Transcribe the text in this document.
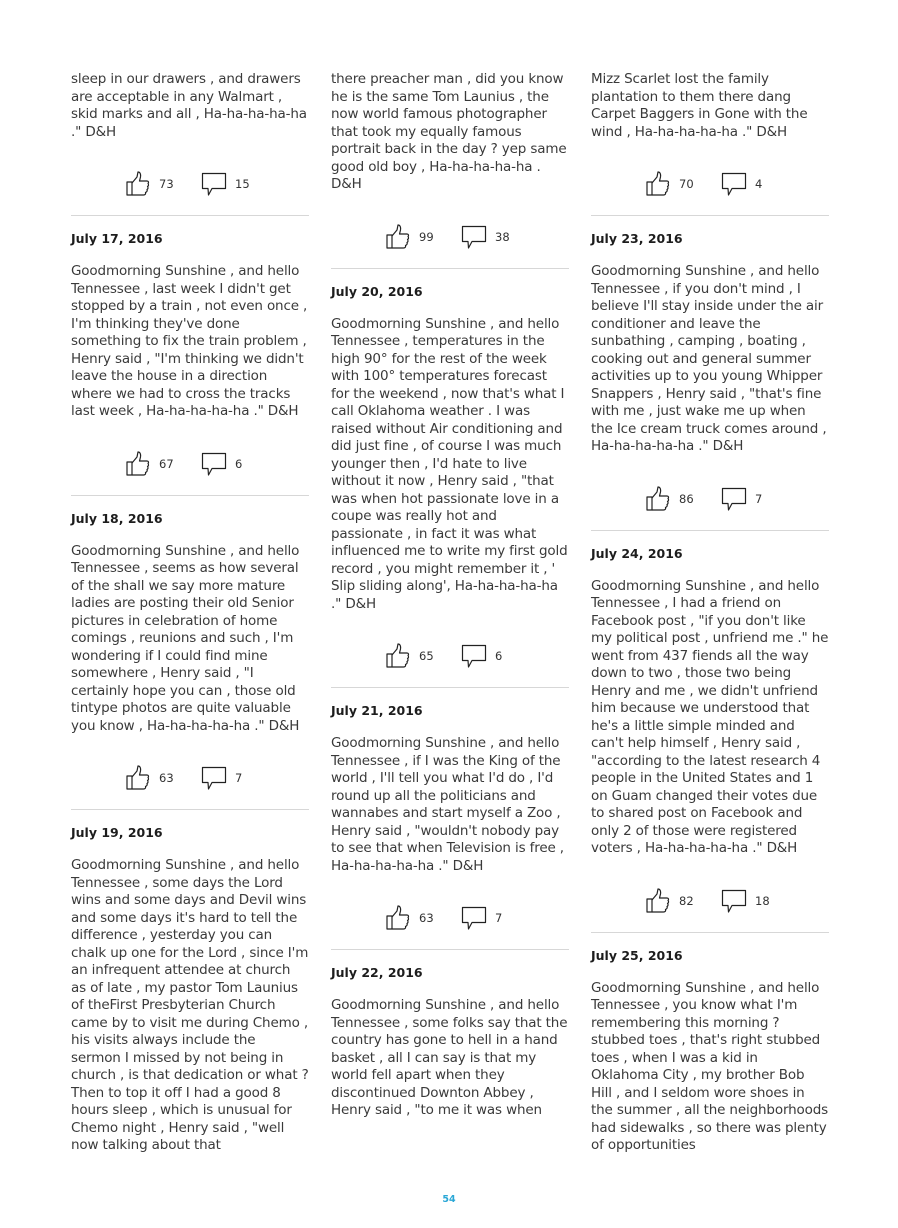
sleep in our drawers , and drawers are acceptable in any Walmart , skid marks and all , Ha-ha-ha-ha-ha ." D&H

73	15
July 17, 2016

Goodmorning Sunshine , and hello Tennessee , last week I didn't get stopped by a train , not even once , I'm thinking they've done something to fix the train problem , Henry said , "I'm thinking we didn't leave the house in a direction where we had to cross the tracks last week , Ha-ha-ha-ha-ha ." D&H

67	6
July 18, 2016

Goodmorning Sunshine , and hello Tennessee , seems as how several of the shall we say more mature ladies are posting their old Senior pictures in celebration of home comings , reunions and such , I'm wondering if I could find mine somewhere , Henry said , "I certainly hope you can , those old tintype photos are quite valuable you know , Ha-ha-ha-ha-ha ." D&H

63	7
July 19, 2016

Goodmorning Sunshine , and hello Tennessee , some days the Lord wins and some days and Devil wins and some days it's hard to tell the difference , yesterday you can chalk up one for the Lord , since I'm an infrequent attendee at church as of late , my pastor Tom Launius of theFirst Presbyterian Church came by to visit me during Chemo , his visits always include the sermon I missed by not being in church , is that dedication or what ? Then to top it off I had a good 8 hours sleep , which is unusual for Chemo night , Henry said , "well now talking about that

there preacher man , did you know he is the same Tom Launius , the now world famous photographer that took my equally famous portrait back in the day ? yep same good old boy , Ha-ha-ha-ha-ha . D&H

99	38
July 20, 2016

Goodmorning Sunshine , and hello Tennessee , temperatures in the high 90° for the rest of the week with 100° temperatures forecast for the weekend , now that's what I call Oklahoma weather . I was raised without Air conditioning and did just fine , of course I was much younger then , I'd hate to live without it now , Henry said , "that was when hot passionate love in a coupe was really hot and passionate , in fact it was what influenced me to write my first gold record , you might remember it , ' Slip sliding along', Ha-ha-ha-ha-ha ." D&H

65	6
July 21, 2016

Goodmorning Sunshine , and hello Tennessee , if I was the King of the world , I'll tell you what I'd do , I'd round up all the politicians and wannabes and start myself a Zoo , Henry said , "wouldn't nobody pay to see that when Television is free , Ha-ha-ha-ha-ha ." D&H

63	7
July 22, 2016

Goodmorning Sunshine , and hello Tennessee , some folks say that the country has gone to hell in a hand basket , all I can say is that my world fell apart when they discontinued Downton Abbey , Henry said , "to me it was when

Mizz Scarlet lost the family plantation to them there dang Carpet Baggers in Gone with the wind , Ha-ha-ha-ha-ha ." D&H

70	4
July 23, 2016

Goodmorning Sunshine , and hello Tennessee , if you don't mind , I believe I'll stay inside under the air conditioner and leave the sunbathing , camping , boating , cooking out and general summer activities up to you young Whipper Snappers , Henry said , "that's fine with me , just wake me up when the Ice cream truck comes around , Ha-ha-ha-ha-ha ." D&H

86	7
July 24, 2016

Goodmorning Sunshine , and hello Tennessee , I had a friend on Facebook post , "if you don't like my political post , unfriend me ." he went from 437 fiends all the way down to two , those two being Henry and me , we didn't unfriend him because we understood that he's a little simple minded and can't help himself , Henry said , "according to the latest research 4 people in the United States and 1 on Guam changed their votes due to shared post on Facebook and only 2 of those were registered voters , Ha-ha-ha-ha-ha ." D&H

82	18
July 25, 2016

Goodmorning Sunshine , and hello Tennessee , you know what I'm remembering this morning ? stubbed toes , that's right stubbed toes , when I was a kid in Oklahoma City , my brother Bob Hill , and I seldom wore shoes in the summer , all the neighborhoods had sidewalks , so there was plenty of opportunities

54
